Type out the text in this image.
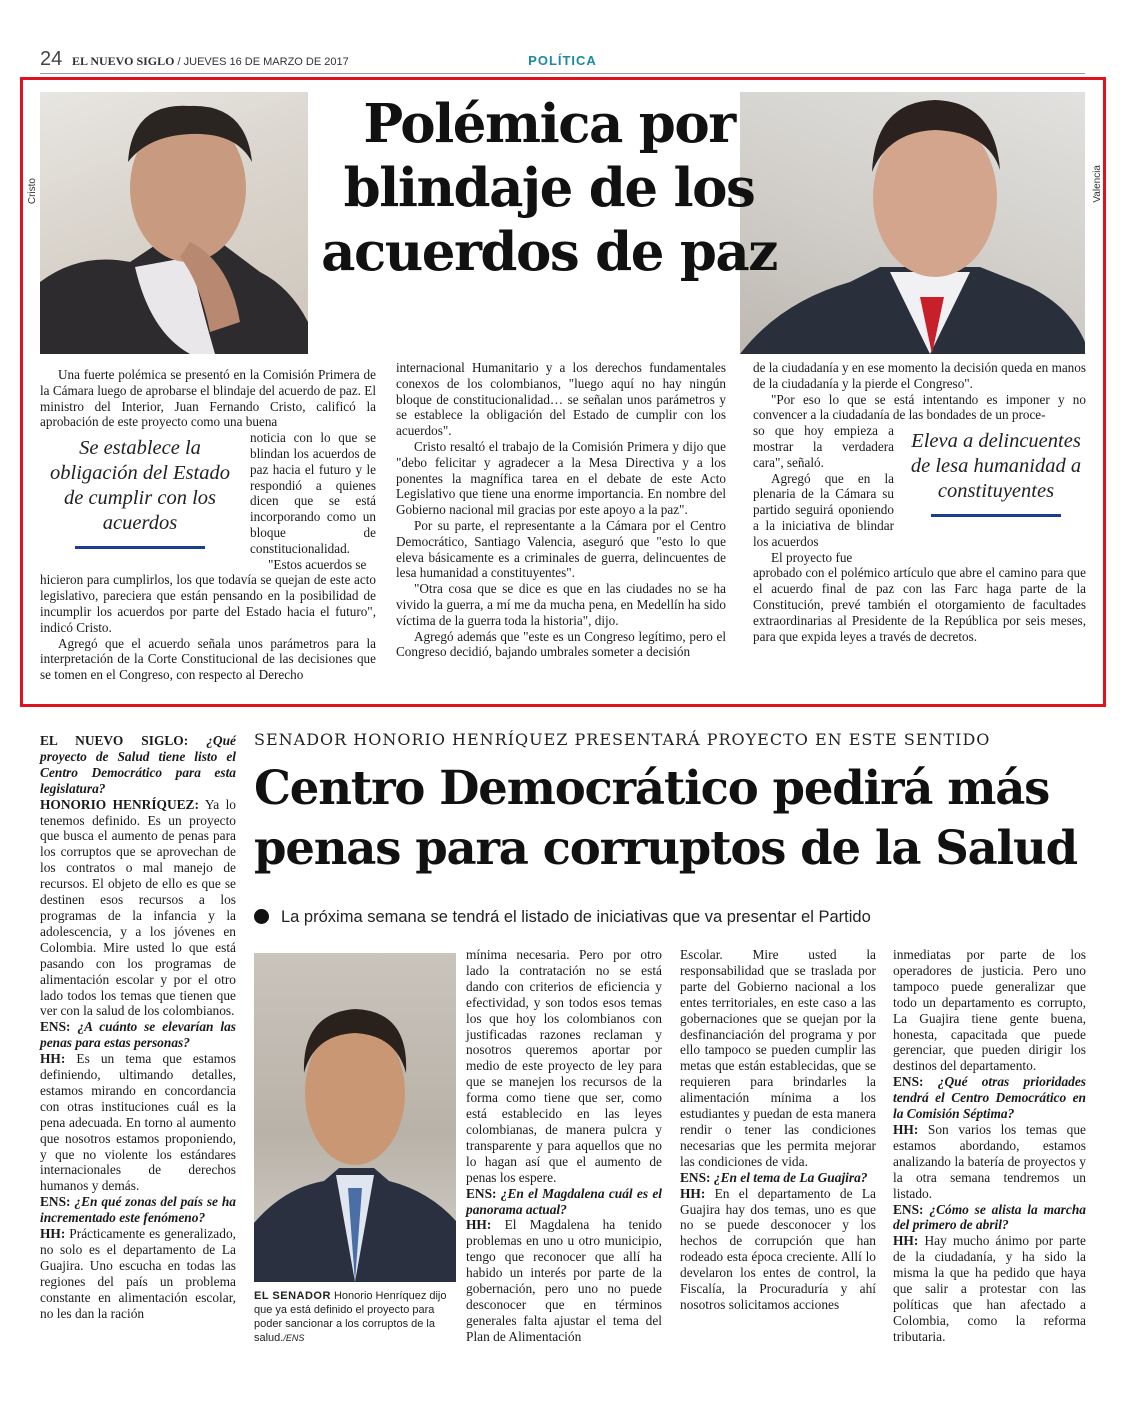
24 EL NUEVO SIGLO / JUEVES 16 DE MARZO DE 2017	POLÍTICA
Cristo	Valencia
Polémica por blindaje de los acuerdos de paz

Una fuerte polémica se presentó en la Comisión Primera de la Cámara luego de aprobarse el blindaje del acuerdo de paz. El ministro del Interior, Juan Fernando Cristo, calificó la aprobación de este proyecto como una buena

Se establece la obligación del Estado de cumplir con los acuerdos

noticia con lo que se blindan los acuerdos de paz hacia el futuro y le respondió a quienes dicen que se está incorporando como un bloque de constitucionalidad.

"Estos acuerdos se

hicieron para cumplirlos, los que todavía se quejan de este acto legislativo, pareciera que están pensando en la posibilidad de incumplir los acuerdos por parte del Estado hacia el futuro", indicó Cristo.

Agregó que el acuerdo señala unos parámetros para la interpretación de la Corte Constitucional de las decisiones que se tomen en el Congreso, con respecto al Derecho

internacional Humanitario y a los derechos fundamentales conexos de los colombianos, "luego aquí no hay ningún bloque de constitucionalidad… se señalan unos parámetros y se establece la obligación del Estado de cumplir con los acuerdos".

Cristo resaltó el trabajo de la Comisión Primera y dijo que "debo felicitar y agradecer a la Mesa Directiva y a los ponentes la magnífica tarea en el debate de este Acto Legislativo que tiene una enorme importancia. En nombre del Gobierno nacional mil gracias por este apoyo a la paz".

Por su parte, el representante a la Cámara por el Centro Democrático, Santiago Valencia, aseguró que "esto lo que eleva básicamente es a criminales de guerra, delincuentes de lesa humanidad a constituyentes".

"Otra cosa que se dice es que en las ciudades no se ha vivido la guerra, a mí me da mucha pena, en Medellín ha sido víctima de la guerra toda la historia", dijo.

Agregó además que "este es un Congreso legítimo, pero el Congreso decidió, bajando umbrales someter a decisión

de la ciudadanía y en ese momento la decisión queda en manos de la ciudadanía y la pierde el Congreso".

"Por eso lo que se está intentando es imponer y no convencer a la ciudadanía de las bondades de un proce-

Eleva a delincuentes de lesa humanidad a constituyentes

so que hoy empieza a mostrar la verdadera cara", señaló.

Agregó que en la plenaria de la Cámara su partido seguirá oponiendo a la iniciativa de blindar los acuerdos

El proyecto fue

aprobado con el polémico artículo que abre el camino para que el acuerdo final de paz con las Farc haga parte de la Constitución, prevé también el otorgamiento de facultades extraordinarias al Presidente de la República por seis meses, para que expida leyes a través de decretos.

SENADOR HONORIO HENRÍQUEZ PRESENTARÁ PROYECTO EN ESTE SENTIDO
Centro Democrático pedirá más penas para corruptos de la Salud
La próxima semana se tendrá el listado de iniciativas que va presentar el Partido
EL SENADOR Honorio Henríquez dijo que ya está definido el proyecto para poder sancionar a los corruptos de la salud./ENS

EL NUEVO SIGLO: ¿Qué proyecto de Salud tiene listo el Centro Democrático para esta legislatura?

HONORIO HENRÍQUEZ: Ya lo tenemos definido. Es un proyecto que busca el aumento de penas para los corruptos que se aprovechan de los contratos o mal manejo de recursos. El objeto de ello es que se destinen esos recursos a los programas de la infancia y la adolescencia, y a los jóvenes en Colombia. Mire usted lo que está pasando con los programas de alimentación escolar y por el otro lado todos los temas que tienen que ver con la salud de los colombianos.

ENS: ¿A cuánto se elevarían las penas para estas personas?

HH: Es un tema que estamos definiendo, ultimando detalles, estamos mirando en concordancia con otras instituciones cuál es la pena adecuada. En torno al aumento que nosotros estamos proponiendo, y que no violente los estándares internacionales de derechos humanos y demás.

ENS: ¿En qué zonas del país se ha incrementado este fenómeno?

HH: Prácticamente es generalizado, no solo es el departamento de La Guajira. Uno escucha en todas las regiones del país un problema constante en alimentación escolar, no les dan la ración

mínima necesaria. Pero por otro lado la contratación no se está dando con criterios de eficiencia y efectividad, y son todos esos temas los que hoy los colombianos con justificadas razones reclaman y nosotros queremos aportar por medio de este proyecto de ley para que se manejen los recursos de la forma como tiene que ser, como está establecido en las leyes colombianas, de manera pulcra y transparente y para aquellos que no lo hagan así que el aumento de penas los espere.

ENS: ¿En el Magdalena cuál es el panorama actual?

HH: El Magdalena ha tenido problemas en uno u otro municipio, tengo que reconocer que allí ha habido un interés por parte de la gobernación, pero uno no puede desconocer que en términos generales falta ajustar el tema del Plan de Alimentación

Escolar. Mire usted la responsabilidad que se traslada por parte del Gobierno nacional a los entes territoriales, en este caso a las gobernaciones que se quejan por la desfinanciación del programa y por ello tampoco se pueden cumplir las metas que están establecidas, que se requieren para brindarles la alimentación mínima a los estudiantes y puedan de esta manera rendir o tener las condiciones necesarias que les permita mejorar las condiciones de vida.

ENS: ¿En el tema de La Guajira?

HH: En el departamento de La Guajira hay dos temas, uno es que no se puede desconocer y los hechos de corrupción que han rodeado esta época creciente. Allí lo develaron los entes de control, la Fiscalía, la Procuraduría y ahí nosotros solicitamos acciones

inmediatas por parte de los operadores de justicia. Pero uno tampoco puede generalizar que todo un departamento es corrupto, La Guajira tiene gente buena, honesta, capacitada que puede gerenciar, que pueden dirigir los destinos del departamento.

ENS: ¿Qué otras prioridades tendrá el Centro Democrático en la Comisión Séptima?

HH: Son varios los temas que estamos abordando, estamos analizando la batería de proyectos y la otra semana tendremos un listado.

ENS: ¿Cómo se alista la marcha del primero de abril?

HH: Hay mucho ánimo por parte de la ciudadanía, y ha sido la misma la que ha pedido que haya que salir a protestar con las políticas que han afectado a Colombia, como la reforma tributaria.
